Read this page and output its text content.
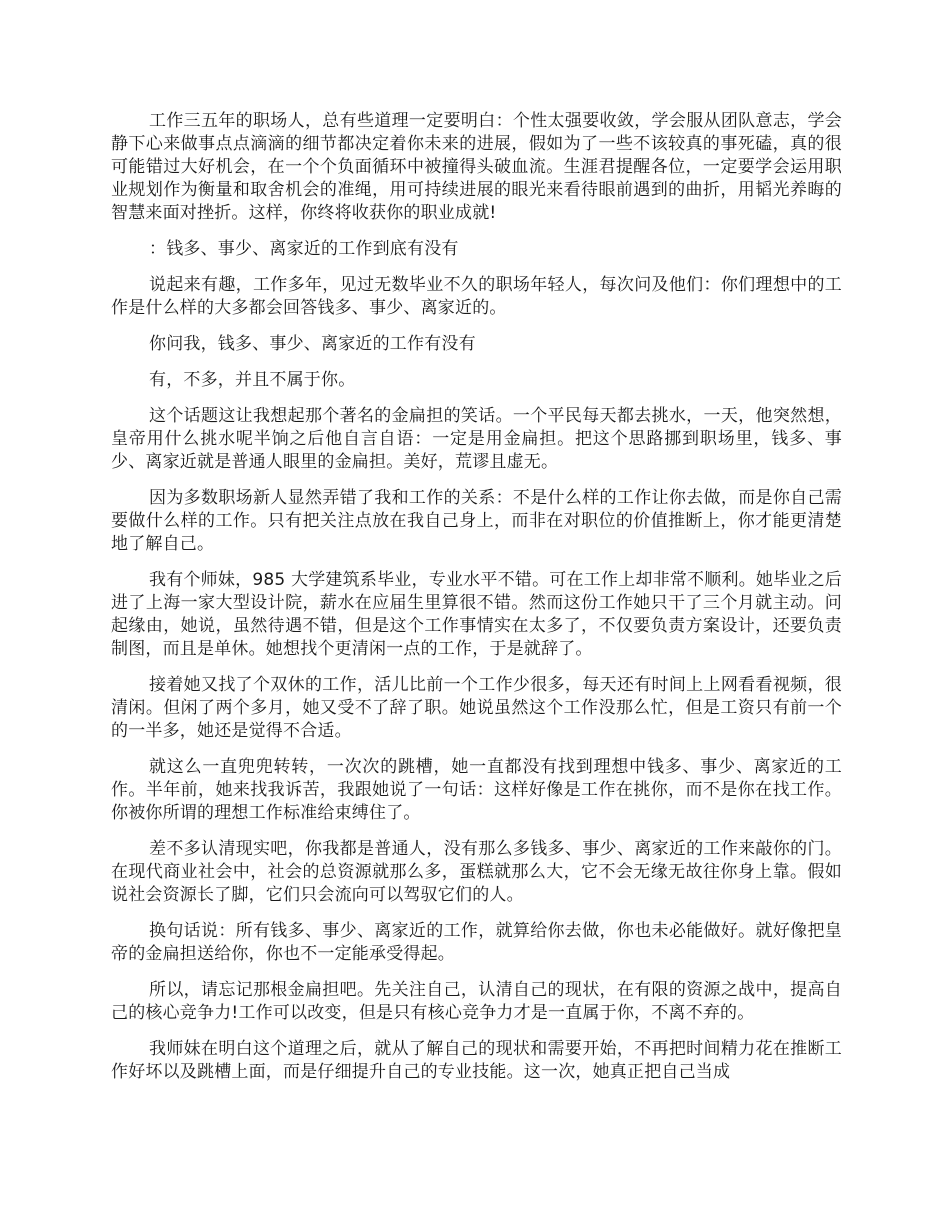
工作三五年的职场人，总有些道理一定要明白：个性太强要收敛，学会服从团队意志，学会静下心来做事点点滴滴的细节都决定着你未来的进展，假如为了一些不该较真的事死磕，真的很可能错过大好机会，在一个个负面循环中被撞得头破血流。生涯君提醒各位，一定要学会运用职业规划作为衡量和取舍机会的准绳，用可持续进展的眼光来看待眼前遇到的曲折，用韬光养晦的智慧来面对挫折。这样，你终将收获你的职业成就!

：钱多、事少、离家近的工作到底有没有

说起来有趣，工作多年，见过无数毕业不久的职场年轻人，每次问及他们：你们理想中的工作是什么样的大多都会回答钱多、事少、离家近的。

你问我，钱多、事少、离家近的工作有没有

有，不多，并且不属于你。

这个话题这让我想起那个著名的金扁担的笑话。一个平民每天都去挑水，一天，他突然想，皇帝用什么挑水呢半饷之后他自言自语：一定是用金扁担。把这个思路挪到职场里，钱多、事少、离家近就是普通人眼里的金扁担。美好，荒谬且虚无。

因为多数职场新人显然弄错了我和工作的关系：不是什么样的工作让你去做，而是你自己需要做什么样的工作。只有把关注点放在我自己身上，而非在对职位的价值推断上，你才能更清楚地了解自己。

我有个师妹，985 大学建筑系毕业，专业水平不错。可在工作上却非常不顺利。她毕业之后进了上海一家大型设计院，薪水在应届生里算很不错。然而这份工作她只干了三个月就主动。问起缘由，她说，虽然待遇不错，但是这个工作事情实在太多了，不仅要负责方案设计，还要负责制图，而且是单休。她想找个更清闲一点的工作，于是就辞了。

接着她又找了个双休的工作，活儿比前一个工作少很多，每天还有时间上上网看看视频，很清闲。但闲了两个多月，她又受不了辞了职。她说虽然这个工作没那么忙，但是工资只有前一个的一半多，她还是觉得不合适。

就这么一直兜兜转转，一次次的跳槽，她一直都没有找到理想中钱多、事少、离家近的工作。半年前，她来找我诉苦，我跟她说了一句话：这样好像是工作在挑你，而不是你在找工作。你被你所谓的理想工作标准给束缚住了。

差不多认清现实吧，你我都是普通人，没有那么多钱多、事少、离家近的工作来敲你的门。在现代商业社会中，社会的总资源就那么多，蛋糕就那么大，它不会无缘无故往你身上靠。假如说社会资源长了脚，它们只会流向可以驾驭它们的人。

换句话说：所有钱多、事少、离家近的工作，就算给你去做，你也未必能做好。就好像把皇帝的金扁担送给你，你也不一定能承受得起。

所以，请忘记那根金扁担吧。先关注自己，认清自己的现状，在有限的资源之战中，提高自己的核心竞争力!工作可以改变，但是只有核心竞争力才是一直属于你，不离不弃的。

我师妹在明白这个道理之后，就从了解自己的现状和需要开始，不再把时间精力花在推断工作好坏以及跳槽上面，而是仔细提升自己的专业技能。这一次，她真正把自己当成
